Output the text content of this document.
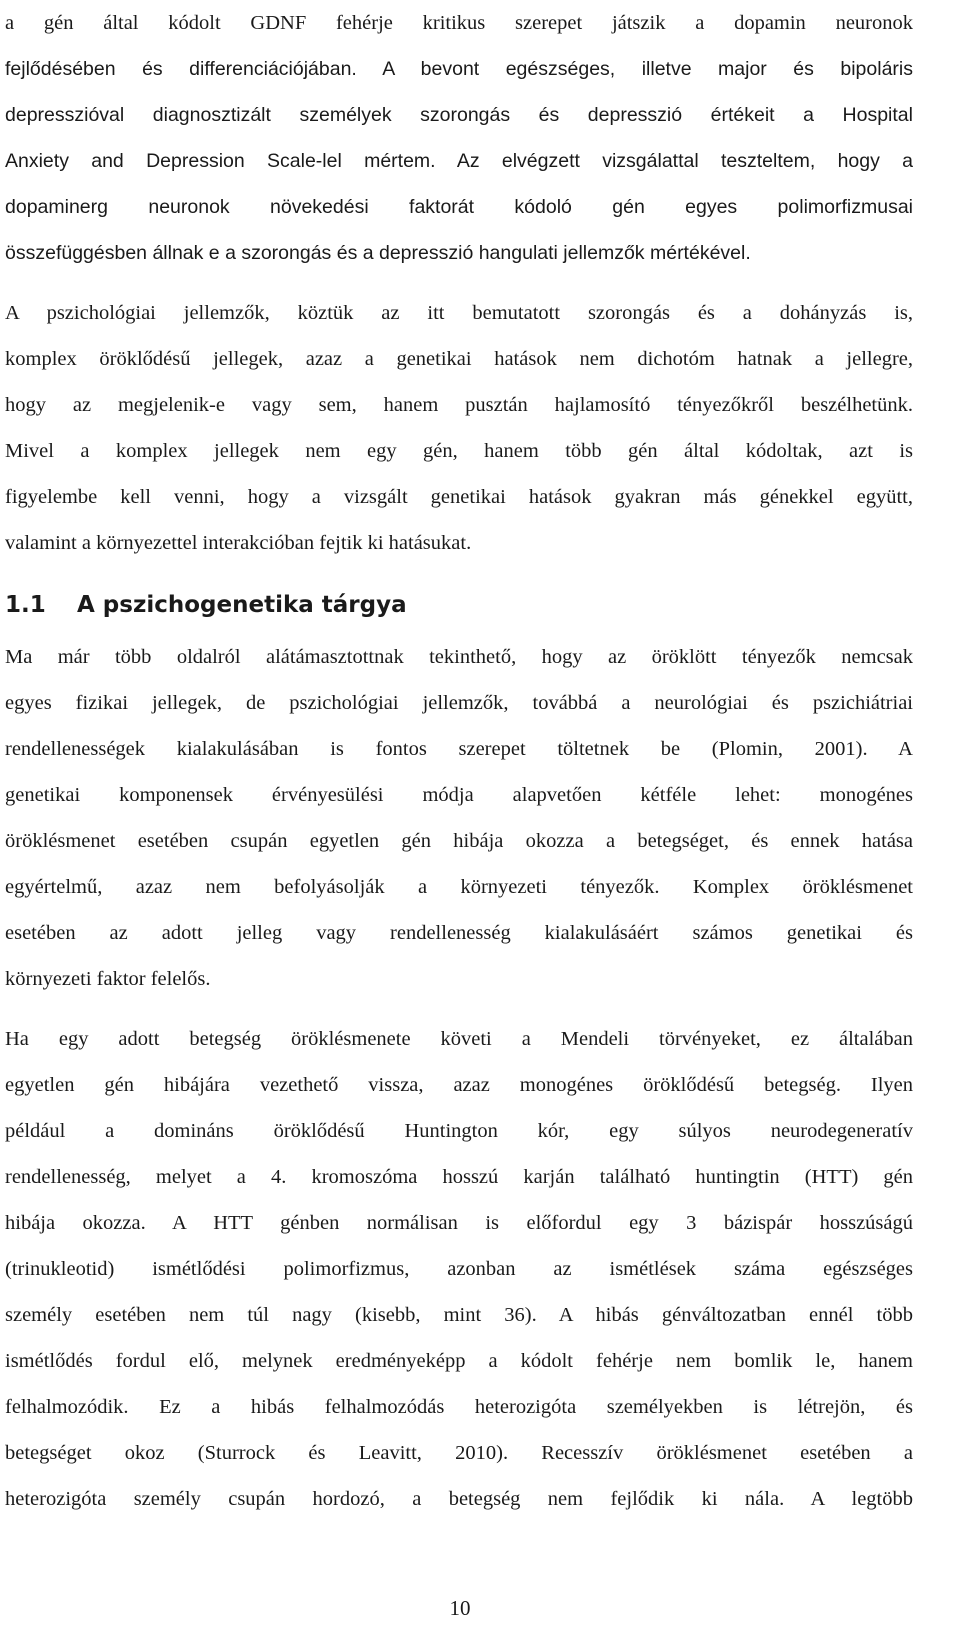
a gén által kódolt GDNF fehérje kritikus szerepet játszik a dopamin neuronok
fejlődésében és differenciációjában. A bevont egészséges, illetve major és bipoláris
depresszióval diagnosztizált személyek szorongás és depresszió értékeit a Hospital
Anxiety and Depression Scale-lel mértem. Az elvégzett vizsgálattal teszteltem, hogy a
dopaminerg neuronok növekedési faktorát kódoló gén egyes polimorfizmusai
összefüggésben állnak e a szorongás és a depresszió hangulati jellemzők mértékével.
A pszichológiai jellemzők, köztük az itt bemutatott szorongás és a dohányzás is,
komplex öröklődésű jellegek, azaz a genetikai hatások nem dichotóm hatnak a jellegre,
hogy az megjelenik-e vagy sem, hanem pusztán hajlamosító tényezőkről beszélhetünk.
Mivel a komplex jellegek nem egy gén, hanem több gén által kódoltak, azt is
figyelembe kell venni, hogy a vizsgált genetikai hatások gyakran más génekkel együtt,
valamint a környezettel interakcióban fejtik ki hatásukat.
1.1	A pszichogenetika tárgya
Ma már több oldalról alátámasztottnak tekinthető, hogy az öröklött tényezők nemcsak
egyes fizikai jellegek, de pszichológiai jellemzők, továbbá a neurológiai és pszichiátriai
rendellenességek kialakulásában is fontos szerepet töltetnek be (Plomin, 2001). A
genetikai komponensek érvényesülési módja alapvetően kétféle lehet: monogénes
öröklésmenet esetében csupán egyetlen gén hibája okozza a betegséget, és ennek hatása
egyértelmű, azaz nem befolyásolják a környezeti tényezők. Komplex öröklésmenet
esetében az adott jelleg vagy rendellenesség kialakulásáért számos genetikai és
környezeti faktor felelős.
Ha egy adott betegség öröklésmenete követi a Mendeli törvényeket, ez általában
egyetlen gén hibájára vezethető vissza, azaz monogénes öröklődésű betegség. Ilyen
például a domináns öröklődésű Huntington kór, egy súlyos neurodegeneratív
rendellenesség, melyet a 4. kromoszóma hosszú karján található huntingtin (HTT) gén
hibája okozza. A HTT génben normálisan is előfordul egy 3 bázispár hosszúságú
(trinukleotid) ismétlődési polimorfizmus, azonban az ismétlések száma egészséges
személy esetében nem túl nagy (kisebb, mint 36). A hibás génváltozatban ennél több
ismétlődés fordul elő, melynek eredményeképp a kódolt fehérje nem bomlik le, hanem
felhalmozódik. Ez a hibás felhalmozódás heterozigóta személyekben is létrejön, és
betegséget okoz (Sturrock és Leavitt, 2010). Recesszív öröklésmenet esetében a
heterozigóta személy csupán hordozó, a betegség nem fejlődik ki nála. A legtöbb
10
